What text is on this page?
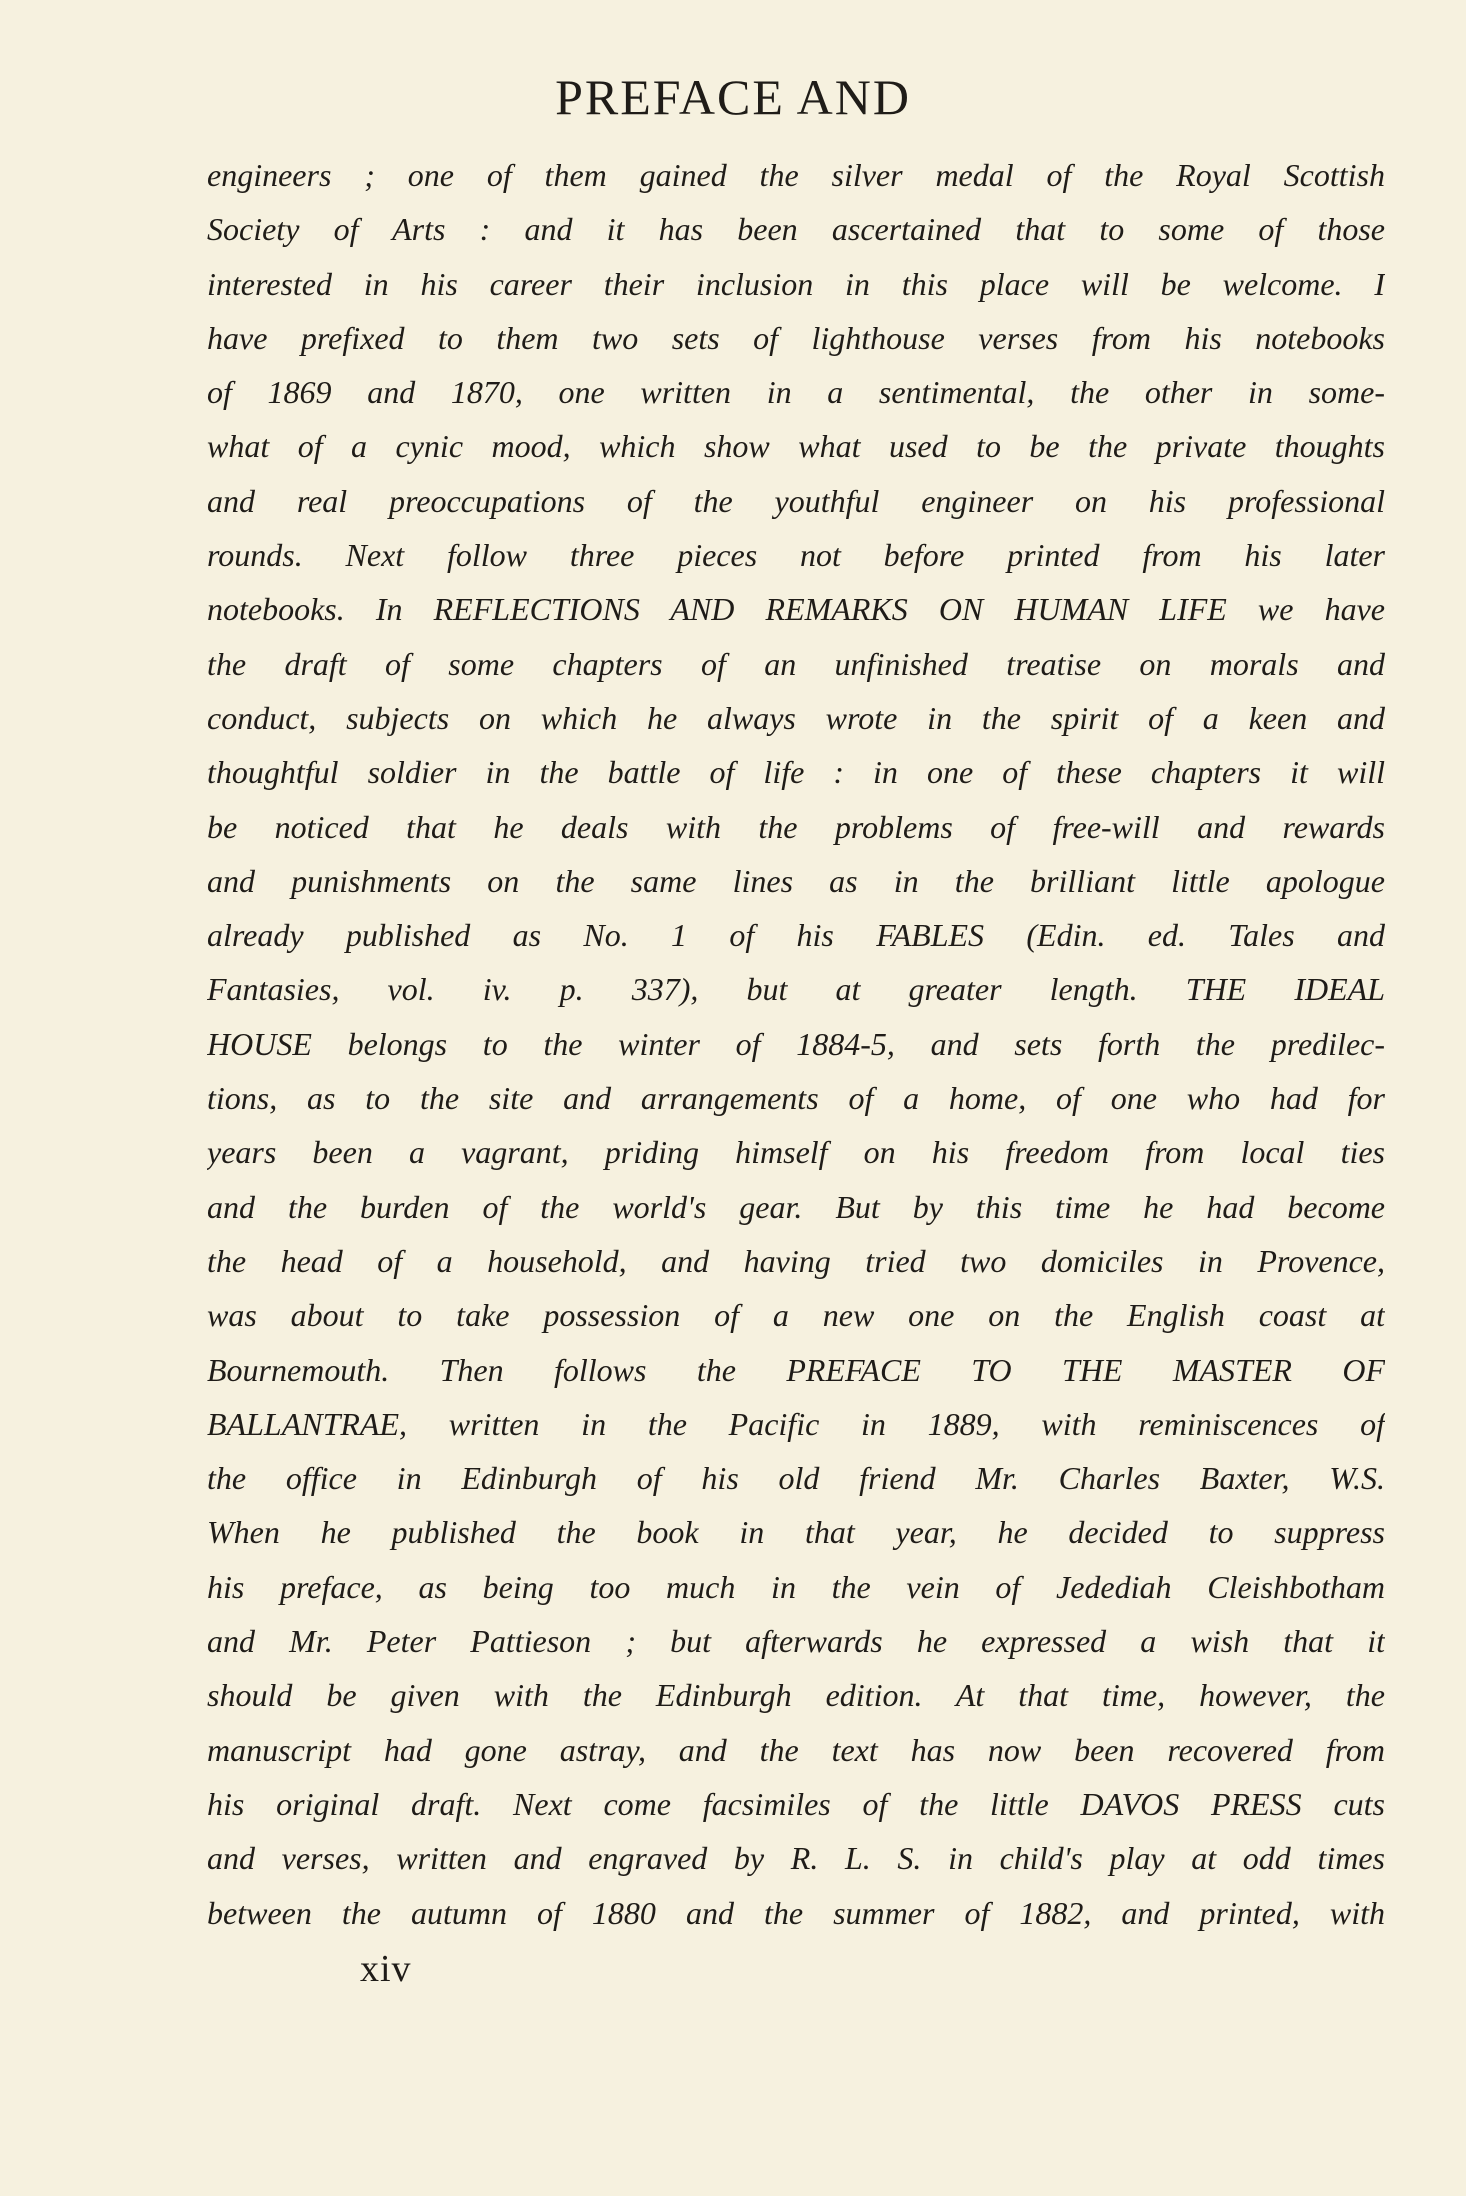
PREFACE AND
engineers ; one of them gained the silver medal of the Royal Scottish
Society of Arts : and it has been ascertained that to some of those
interested in his career their inclusion in this place will be welcome. I
have prefixed to them two sets of lighthouse verses from his notebooks
of 1869 and 1870, one written in a sentimental, the other in some-
what of a cynic mood, which show what used to be the private thoughts
and real preoccupations of the youthful engineer on his professional
rounds. Next follow three pieces not before printed from his later
notebooks. In REFLECTIONS AND REMARKS ON HUMAN LIFE we have
the draft of some chapters of an unfinished treatise on morals and
conduct, subjects on which he always wrote in the spirit of a keen and
thoughtful soldier in the battle of life : in one of these chapters it will
be noticed that he deals with the problems of free-will and rewards
and punishments on the same lines as in the brilliant little apologue
already published as No. 1 of his FABLES (Edin. ed. Tales and
Fantasies, vol. iv. p. 337), but at greater length. THE IDEAL
HOUSE belongs to the winter of 1884-5, and sets forth the predilec-
tions, as to the site and arrangements of a home, of one who had for
years been a vagrant, priding himself on his freedom from local ties
and the burden of the world's gear. But by this time he had become
the head of a household, and having tried two domiciles in Provence,
was about to take possession of a new one on the English coast at
Bournemouth. Then follows the PREFACE TO THE MASTER OF
BALLANTRAE, written in the Pacific in 1889, with reminiscences of
the office in Edinburgh of his old friend Mr. Charles Baxter, W.S.
When he published the book in that year, he decided to suppress
his preface, as being too much in the vein of Jedediah Cleishbotham
and Mr. Peter Pattieson ; but afterwards he expressed a wish that it
should be given with the Edinburgh edition. At that time, however, the
manuscript had gone astray, and the text has now been recovered from
his original draft. Next come facsimiles of the little DAVOS PRESS cuts
and verses, written and engraved by R. L. S. in child's play at odd times
between the autumn of 1880 and the summer of 1882, and printed, with
xiv
